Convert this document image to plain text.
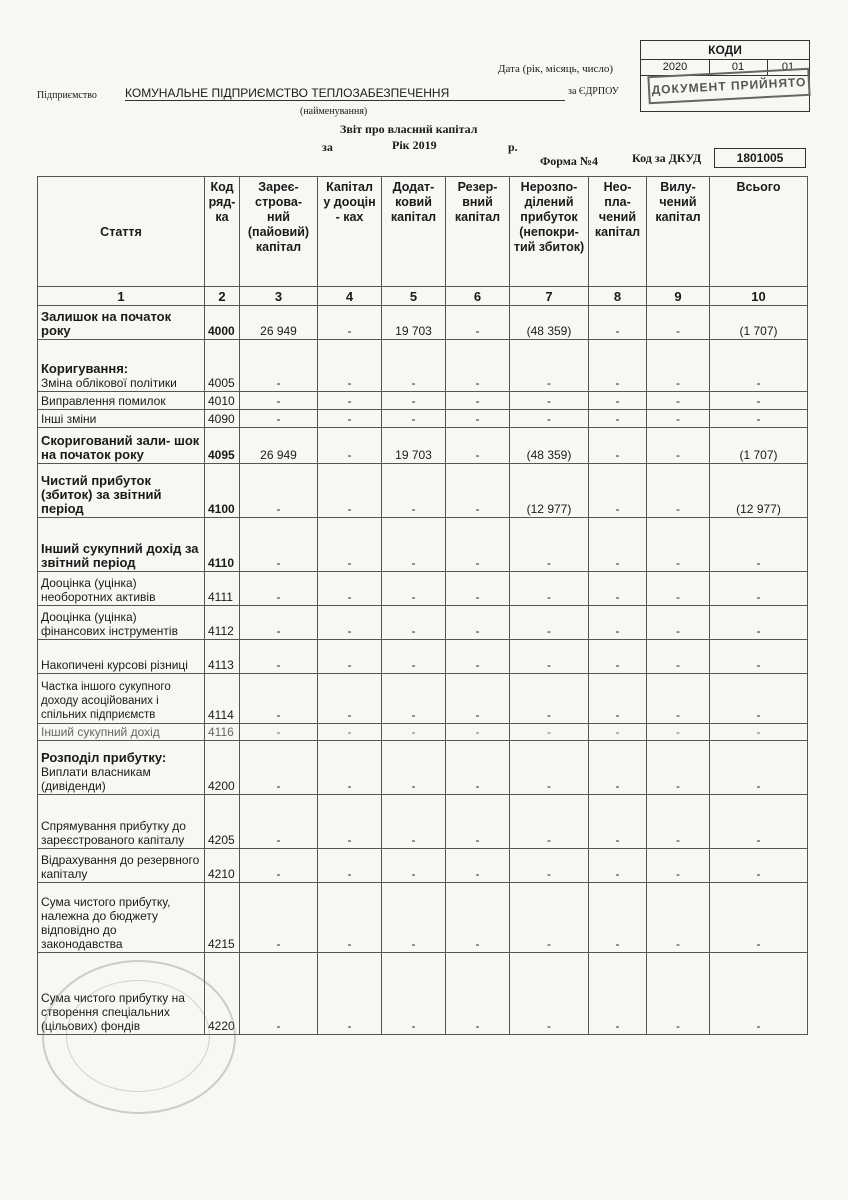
Дата (рік, місяць, число)
КОДИ
2020	01	01
ДОКУМЕНТ ПРИЙНЯТО
Підприємство КОМУНАЛЬНЕ ПІДПРИЄМСТВО ТЕПЛОЗАБЕЗПЕЧЕННЯ	за ЄДРПОУ
(найменування)
Звіт про власний капітал
за	Рік 2019	р.
Форма №4	Код за ДКУД	1801005
Стаття	Код ряд- ка	Зареє- строва- ний (пайовий) капітал	Капітал у дооцін - ках	Додат- ковий капітал	Резер- вний капітал	Нерозпо- ділений прибуток (непокри- тий збиток)	Нео- пла- чений капітал	Вилу- чений капітал	Всього
1	2	3	4	5	6	7	8	9	10
Залишок на початок року	4000	26 949	-	19 703	-	(48 359)	-	-	(1 707)

Коригування:
Зміна облікової політики	4005	-	-	-	-	-	-	-	-
Виправлення помилок	4010	-	-	-	-	-	-	-	-
Інші зміни	4090	-	-	-	-	-	-	-	-
Скоригований зали- шок на початок року	4095	26 949	-	19 703	-	(48 359)	-	-	(1 707)
Чистий прибуток (збиток) за звітний період	4100	-	-	-	-	(12 977)	-	-	(12 977)
Інший сукупний дохід за звітний період	4110	-	-	-	-	-	-	-	-
Дооцінка (уцінка) необоротних активів	4111	-	-	-	-	-	-	-	-
Дооцінка (уцінка) фінансових інструментів	4112	-	-	-	-	-	-	-	-
Накопичені курсові різниці	4113	-	-	-	-	-	-	-	-
Частка іншого сукупного доходу асоційованих і спільних підприємств	4114	-	-	-	-	-	-	-	-
Інший сукупний дохід	4116	-	-	-	-	-	-	-	-

Розподіл прибутку:
Виплати власникам (дивіденди)	4200	-	-	-	-	-	-	-	-
Спрямування прибутку до зареєстрованого капіталу	4205	-	-	-	-	-	-	-	-
Відрахування до резервного капіталу	4210	-	-	-	-	-	-	-	-
Сума чистого прибутку, належна до бюджету відповідно до законодавства	4215	-	-	-	-	-	-	-	-
Сума чистого прибутку на створення спеціальних (цільових) фондів	4220	-	-	-	-	-	-	-	-
